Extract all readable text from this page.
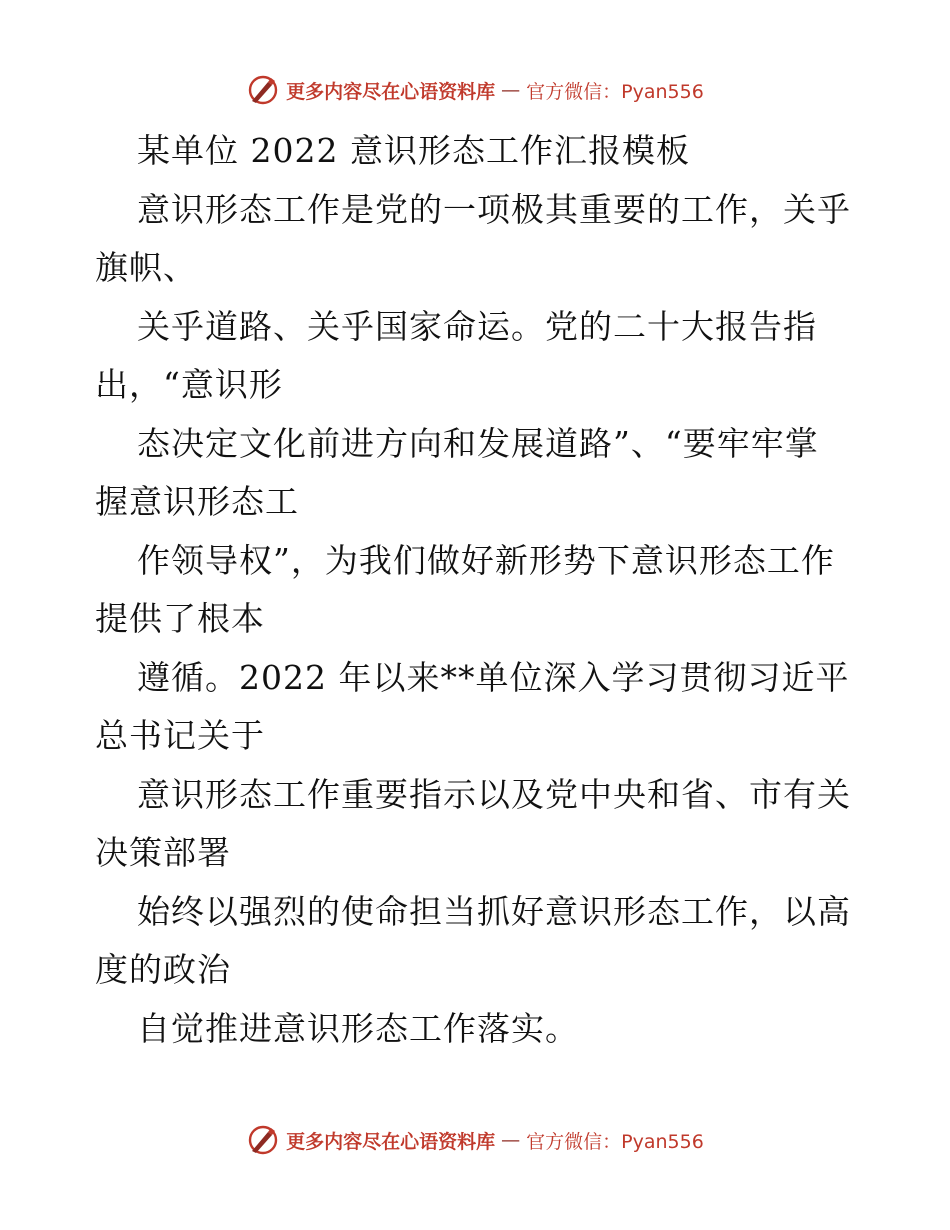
更多内容尽在心语资料库 — 官方微信：Pyan556
某单位 2022 意识形态工作汇报模板
意识形态工作是党的一项极其重要的工作，关乎
旗帜、
关乎道路、关乎国家命运。党的二十大报告指
出，“意识形
态决定文化前进方向和发展道路”、“要牢牢掌
握意识形态工
作领导权”，为我们做好新形势下意识形态工作
提供了根本
遵循。2022 年以来**单位深入学习贯彻习近平
总书记关于
意识形态工作重要指示以及党中央和省、市有关
决策部署
始终以强烈的使命担当抓好意识形态工作，以高
度的政治
自觉推进意识形态工作落实。
更多内容尽在心语资料库 — 官方微信：Pyan556
